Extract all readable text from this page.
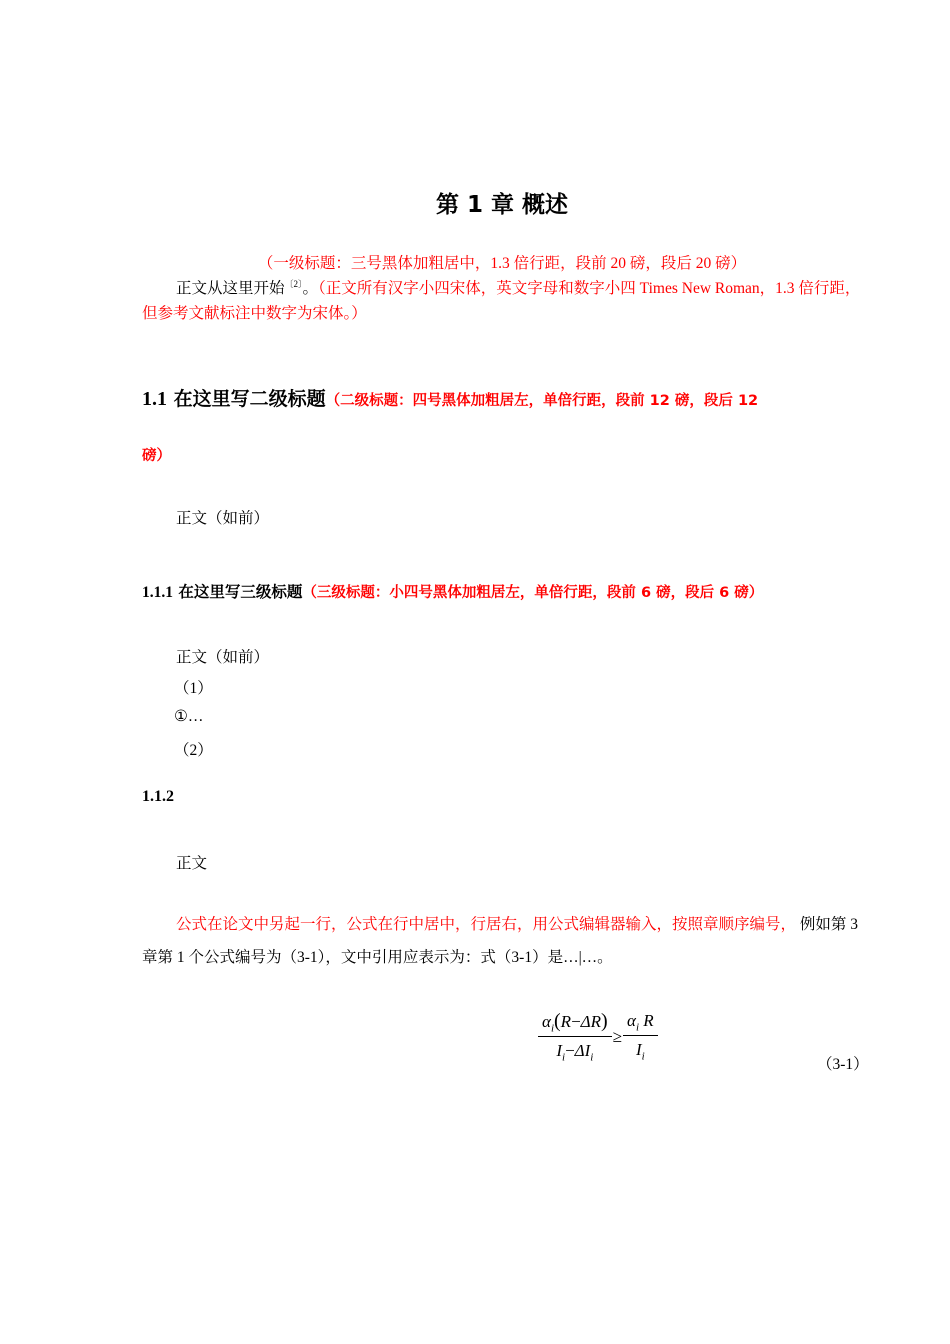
第 1 章 概述
（一级标题：三号黑体加粗居中，1.3 倍行距，段前 20 磅，段后 20 磅）
正文从这里开始$^{〔2〕}$。（正文所有汉字小四宋体，英文字母和数字小四 Times New Roman，1.3 倍行距，但参考文献标注中数字为宋体。）
1.1 在这里写二级标题（二级标题：四号黑体加粗居左，单倍行距，段前 12 磅，段后 12
磅）
正文（如前）
1.1.1 在这里写三级标题（三级标题：小四号黑体加粗居左，单倍行距，段前 6 磅，段后 6 磅）
正文（如前）
（1）
①…
（2）
1.1.2
正文
公式在论文中另起一行，公式在行中居中，行居右，用公式编辑器输入，按照章顺序编号， 例如第 3 章第 1 个公式编号为（3-1），文中引用应表示为：式（3-1）是…|…。
$\frac{\alpha_i(R-\Delta R)}{I_i-\Delta I_i} \ge \frac{\alpha_i R}{I_i}$
（3-1）
